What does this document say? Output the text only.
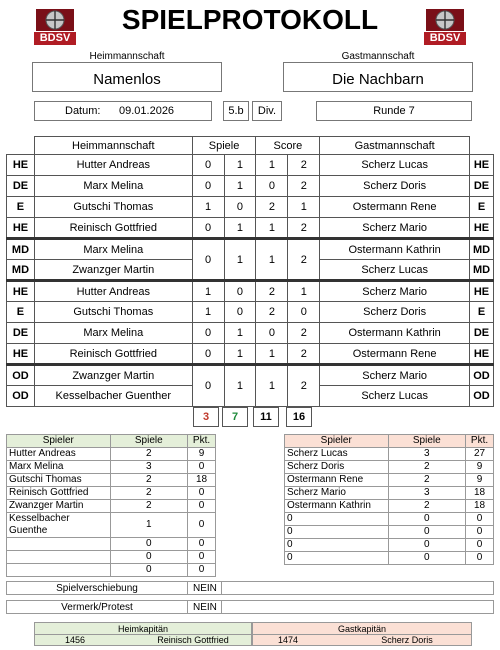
BDSV	BDSV
SPIELPROTOKOLL
Heimmannschaft	Gastmannschaft
Namenlos	Die Nachbarn
Datum: 09.01.2026	5.b	Div.	Runde 7
	Heimmannschaft	Spiele		Score		Gastmannschaft	
HE	Hutter Andreas	0	1	1	2	Scherz Lucas	HE
DE	Marx Melina	0	1	0	2	Scherz Doris	DE
E	Gutschi Thomas	1	0	2	1	Ostermann Rene	E
HE	Reinisch Gottfried	0	1	1	2	Scherz Mario	HE
MD	Marx Melina	0	1	1	2	Ostermann Kathrin	MD
MD	Zwanzger Martin					Scherz Lucas	MD
HE	Hutter Andreas	1	0	2	1	Scherz Mario	HE
E	Gutschi Thomas	1	0	2	0	Scherz Doris	E
DE	Marx Melina	0	1	0	2	Ostermann Kathrin	DE
HE	Reinisch Gottfried	0	1	1	2	Ostermann Rene	HE
OD	Zwanzger Martin	0	1	1	2	Scherz Mario	OD
OD	Kesselbacher Guenther					Scherz Lucas	OD
3	7	11	16
Spieler	Spiele	Pkt.
Hutter Andreas	2	9
Marx Melina	3	0
Gutschi Thomas	2	18
Reinisch Gottfried	2	0
Zwanzger Martin	2	0
Kesselbacher Guenthe	1	0
	0	0
	0	0
	0	0
Spieler	Spiele	Pkt.
Scherz Lucas	3	27
Scherz Doris	2	9
Ostermann Rene	2	9
Scherz Mario	3	18
Ostermann Kathrin	2	18
0	0	0
0	0	0
0	0	0
0	0	0
Spielverschiebung	NEIN
Vermerk/Protest	NEIN
Heimkapitän
1456	Reinisch Gottfried
Gastkapitän
1474	Scherz Doris
